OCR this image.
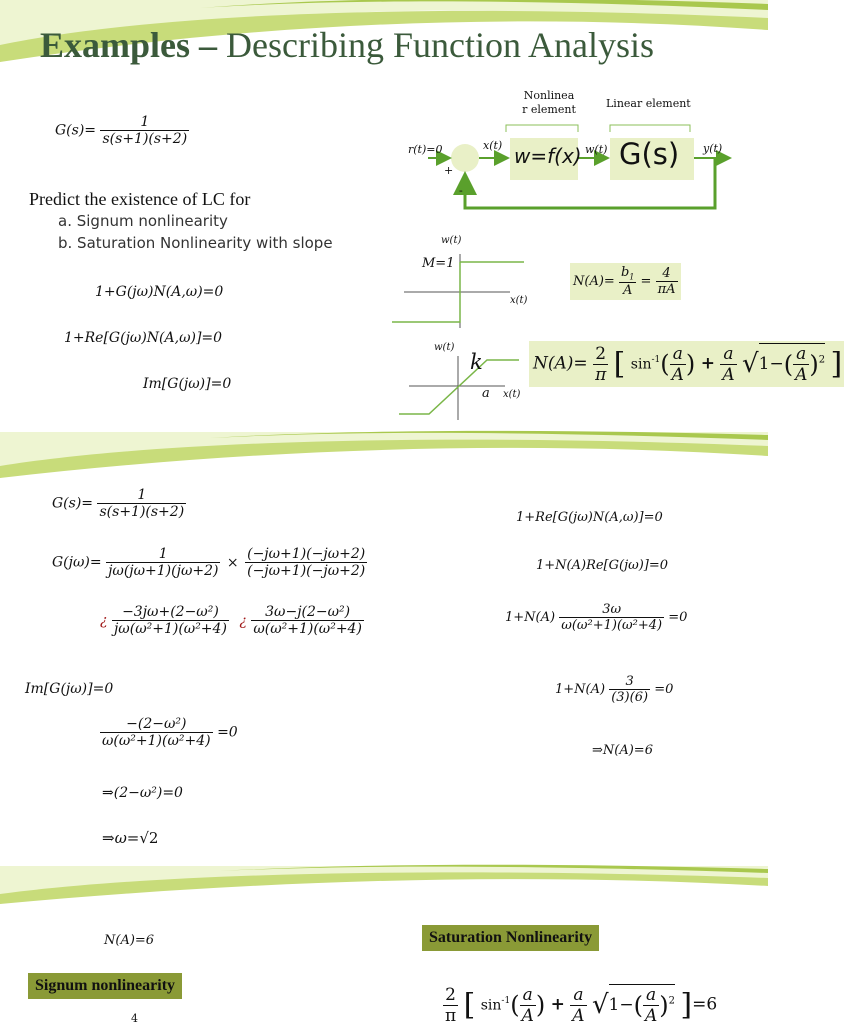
Examples – Describing Function Analysis
$G(s)= \frac{1}{s(s+1)(s+2)}$
Predict the existence of LC for
a. Signum nonlinearity
b. Saturation Nonlinearity with slope
1+G(jω)N(A,ω)=0
1+Re[G(jω)N(A,ω)]=0
Im[G(jω)]=0
Nonlinea
r element	Linear element
r(t)=0	x(t)	w(t)	y(t)
+
-
w=f(x) G(s)
w(t)
x(t)
M=1
$N(A)= \frac{b_1}{A} = \frac{4}{\pi A}$
w(t)
x(t)
k
a
$N(A)= \frac{2}{\pi}$ [ $\sin^{-1}( \frac{a}{A}$ ) + $\frac{a}{A} √1-( \frac{a}{A} )^2$ ]
$G(s)= \frac{1}{s(s+1)(s+2)}$
$G(j\omega)= \frac{1}{j\omega(j\omega+1)(j\omega+2)} \times \frac{(-j\omega+1)(-j\omega+2)}{(-j\omega+1)(-j\omega+2)}$
¿ $\frac{\text{−3jω+(2−ω²)}}{\text{jω(ω²+1)(ω²+4)}}$ ¿ $\frac{\text{3ω−j(2−ω²)}}{\text{ω(ω²+1)(ω²+4)}}$
Im[G(jω)]=0
$\frac{\text{−(2−ω²)}}{\text{ω(ω²+1)(ω²+4)}} =0$
⇒(2−ω²)=0
⇒ω=√2
1+Re[G(jω)N(A,ω)]=0
1+N(A)Re[G(jω)]=0
$1+N(A) \frac{3\omega}{\text{ω(ω²+1)(ω²+4)}} =0$
$1+N(A) \frac{3}{(3)(6)} =0$
⇒N(A)=6
N(A)=6
Signum nonlinearity
4
Saturation Nonlinearity
$\frac{2}{\pi}$ [ $\sin^{-1}( \frac{a}{A}$ ) + $\frac{a}{A} √1-( \frac{a}{A} )^2$ ]=6
